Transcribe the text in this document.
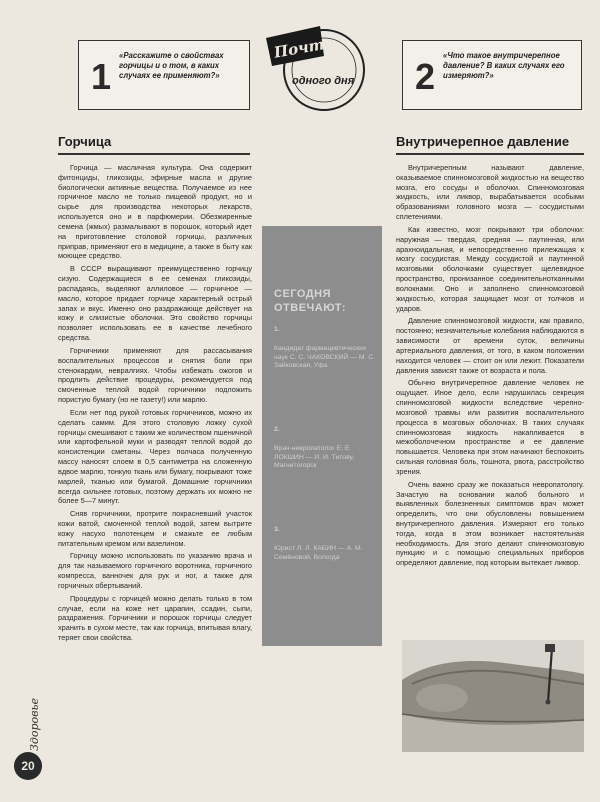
1
«Расскажите о свойствах горчицы и о том, в каких случаях ее применяют?»	2
«Что такое внутричерепное давление? В каких случаях его измеряют?»
Почта
одного дня
СЕГОДНЯ ОТВЕЧАЮТ:
1.
Кандидат фармацевтических наук С. С. ЧАКОВСКИЙ — М. С. Зайковская, Уфа
2.
Врач-невропатолог Е. Е. ЛОКШИН — И. И. Титову, Магнитогорск
3.
Юрист Л. Л. КАБИН — А. М. Семёновой, Вологда
Горчица

Горчица — масличная культура. Она содержит фитонциды, гликозиды, эфирные масла и другие биологически активные вещества. Получаемое из нее горчичное масло не только пищевой продукт, но и сырье для производства некоторых лекарств, используется оно и в парфюмерии. Обезжиренные семена (жмых) размалывают в порошок, который идет на приготовление столовой горчицы, различных приправ, применяют его в медицине, а также в быту как моющее средство.

В СССР выращивают преимущественно горчицу сизую. Содержащиеся в ее семенах гликозиды, распадаясь, выделяют аллиловое — горчичное — масло, которое придает горчице характерный острый запах и вкус. Именно оно раздражающе действует на кожу и слизистые оболочки. Это свойство горчицы позволяет использовать ее в качестве лечебного средства.

Горчичники применяют для рассасывания воспалительных процессов и снятия боли при стенокардии, невралгиях. Чтобы избежать ожогов и продлить действие процедуры, рекомендуется под смоченные теплой водой горчичники подложить пористую бумагу (но не газету!) или марлю.

Если нет под рукой готовых горчичников, можно их сделать самим. Для этого столовую ложку сухой горчицы смешивают с таким же количеством пшеничной или картофельной муки и разводят теплой водой до консистенции сметаны. Через полчаса полученную массу наносят слоем в 0,5 сантиметра на сложенную вдвое марлю, тонкую ткань или бумагу, покрывают тоже марлей, тканью или бумагой. Домашние горчичники всегда сильнее готовых, поэтому держать их можно не более 5—7 минут.

Сняв горчичники, протрите покрасневший участок кожи ватой, смоченной теплой водой, затем вытрите кожу насухо полотенцем и смажьте ее любым питательным кремом или вазелином.

Горчицу можно использовать по указанию врача и для так называемого горчичного воротника, горчичного компресса, ванночек для рук и ног, а также для горчичных обертываний.

Процедуры с горчицей можно делать только в том случае, если на коже нет царапин, ссадин, сыпи, раздражения. Горчичники и порошок горчицы следует хранить в сухом месте, так как горчица, впитывая влагу, теряет свои свойства.

Внутричерепное давление

Внутричерепным называют давление, оказываемое спинномозговой жидкостью на вещество мозга, его сосуды и оболочки. Спинномозговая жидкость, или ликвор, вырабатывается особыми образованиями головного мозга — сосудистыми сплетениями.

Как известно, мозг покрывают три оболочки: наружная — твердая, средняя — паутинная, или арахноидальная, и непосредственно прилежащая к мозгу сосудистая. Между сосудистой и паутинной мозговыми оболочками существует щелевидное пространство, пронизанное соединительнотканными волокнами. Оно и заполнено спинномозговой жидкостью, которая защищает мозг от толчков и ударов.

Давление спинномозговой жидкости, как правило, постоянно; незначительные колебания наблюдаются в зависимости от времени суток, величины артериального давления, от того, в каком положении находится человек — стоит он или лежит. Показатели давления зависят также от возраста и пола.

Обычно внутричерепное давление человек не ощущает. Иное дело, если нарушилась секреция спинномозговой жидкости вследствие черепно-мозговой травмы или развития воспалительного процесса в мозговых оболочках. В таких случаях спинномозговая жидкость накапливается в межоболочечном пространстве и ее давление повышается. Человека при этом начинают беспокоить сильная головная боль, тошнота, рвота, расстройство зрения.

Очень важно сразу же показаться невропатологу. Зачастую на основании жалоб больного и выявленных болезненных симптомов врач может определить, что они обусловлены повышением внутричерепного давления. Измеряют его только тогда, когда в этом возникает настоятельная необходимость. Для этого делают спинномозговую пункцию и с помощью специальных приборов определяют давление, под которым вытекает ликвор.

Здоровье
20
